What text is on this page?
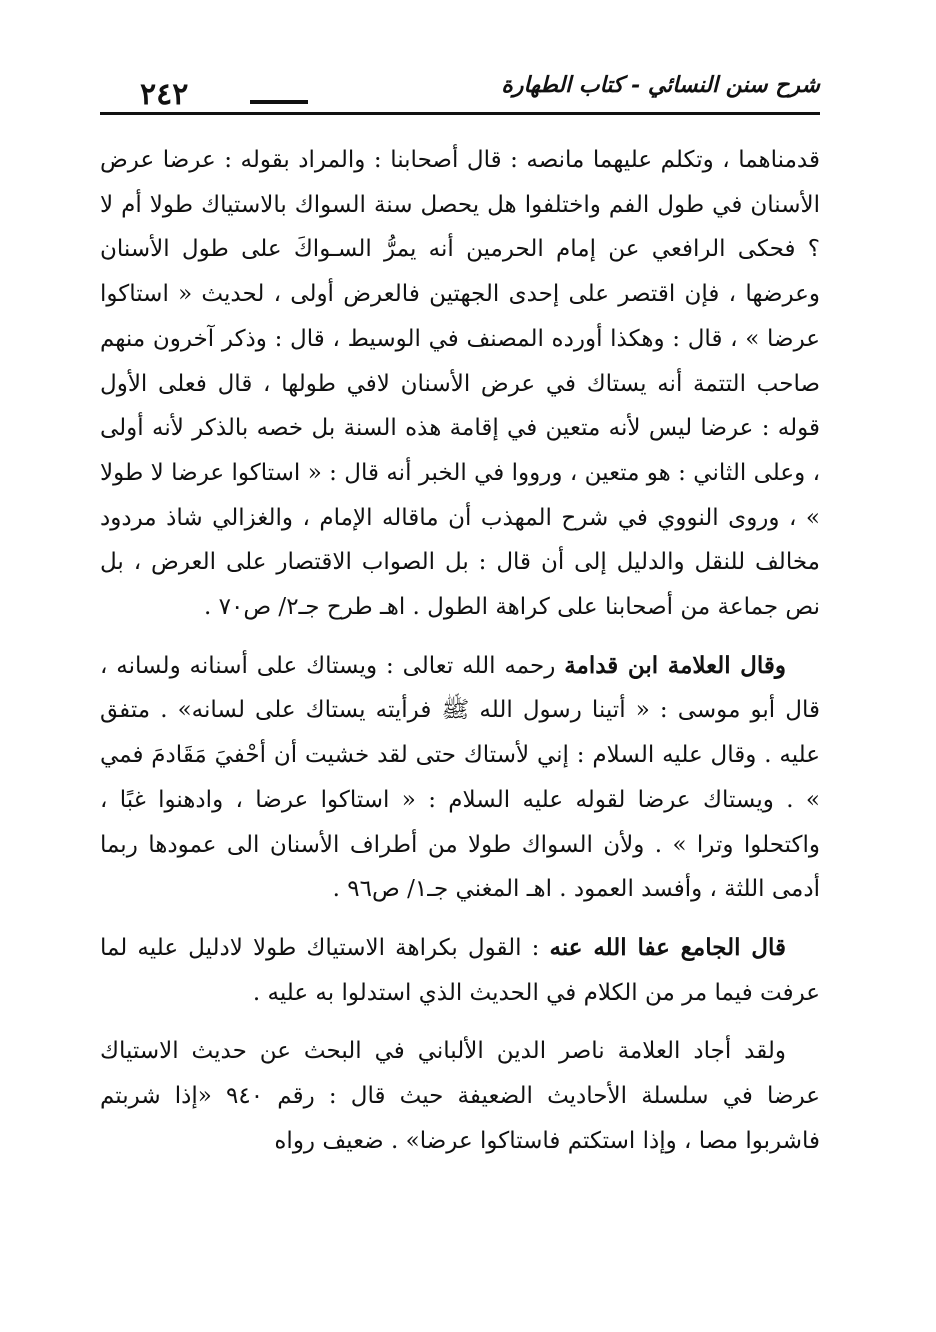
٢٤٢	شرح سنن النسائي - كتاب الطهارة

قدمناهما ، وتكلم عليهما مانصه : قال أصحابنا : والمراد بقوله : عرضا عرض الأسنان في طول الفم واختلفوا هل يحصل سنة السواك بالاستياك طولا أم لا ؟ فحكى الرافعي عن إمام الحرمين أنه يمرُّ السـواكَ على طول الأسنان وعرضها ، فإن اقتصر على إحدى الجهتين فالعرض أولى ، لحديث « استاكوا عرضا » ، قال : وهكذا أورده المصنف في الوسيط ، قال : وذكر آخرون منهم صاحب التتمة أنه يستاك في عرض الأسنان لافي طولها ، قال فعلى الأول قوله : عرضا ليس لأنه متعين في إقامة هذه السنة بل خصه بالذكر لأنه أولى ، وعلى الثاني : هو متعين ، ورووا في الخبر أنه قال : « استاكوا عرضا لا طولا » ، وروى النووي في شرح المهذب أن ماقاله الإمام ، والغزالي شاذ مردود مخالف للنقل والدليل إلى أن قال : بل الصواب الاقتصار على العرض ، بل نص جماعة من أصحابنا على كراهة الطول . اهـ طرح جـ٢/ ص٧٠ .

وقال العلامة ابن قدامة رحمه الله تعالى : ويستاك على أسنانه ولسانه ، قال أبو موسى : « أتينا رسول الله ﷺ فرأيته يستاك على لسانه» . متفق عليه . وقال عليه السلام : إني لأستاك حتى لقد خشيت أن أحْفيَ مَقَادمَ فمي » . ويستاك عرضا لقوله عليه السلام : « استاكوا عرضا ، وادهنوا غبًا ، واكتحلوا وترا » . ولأن السواك طولا من أطراف الأسنان الى عمودها ربما أدمى اللثة ، وأفسد العمود . اهـ المغني جـ١/ ص٩٦ .

قال الجامع عفا الله عنه : القول بكراهة الاستياك طولا لادليل عليه لما عرفت فيما مر من الكلام في الحديث الذي استدلوا به عليه .

ولقد أجاد العلامة ناصر الدين الألباني في البحث عن حديث الاستياك عرضا في سلسلة الأحاديث الضعيفة حيث قال : رقم ٩٤٠ «إذا شربتم فاشربوا مصا ، وإذا استكتم فاستاكوا عرضا» . ضعيف رواه
